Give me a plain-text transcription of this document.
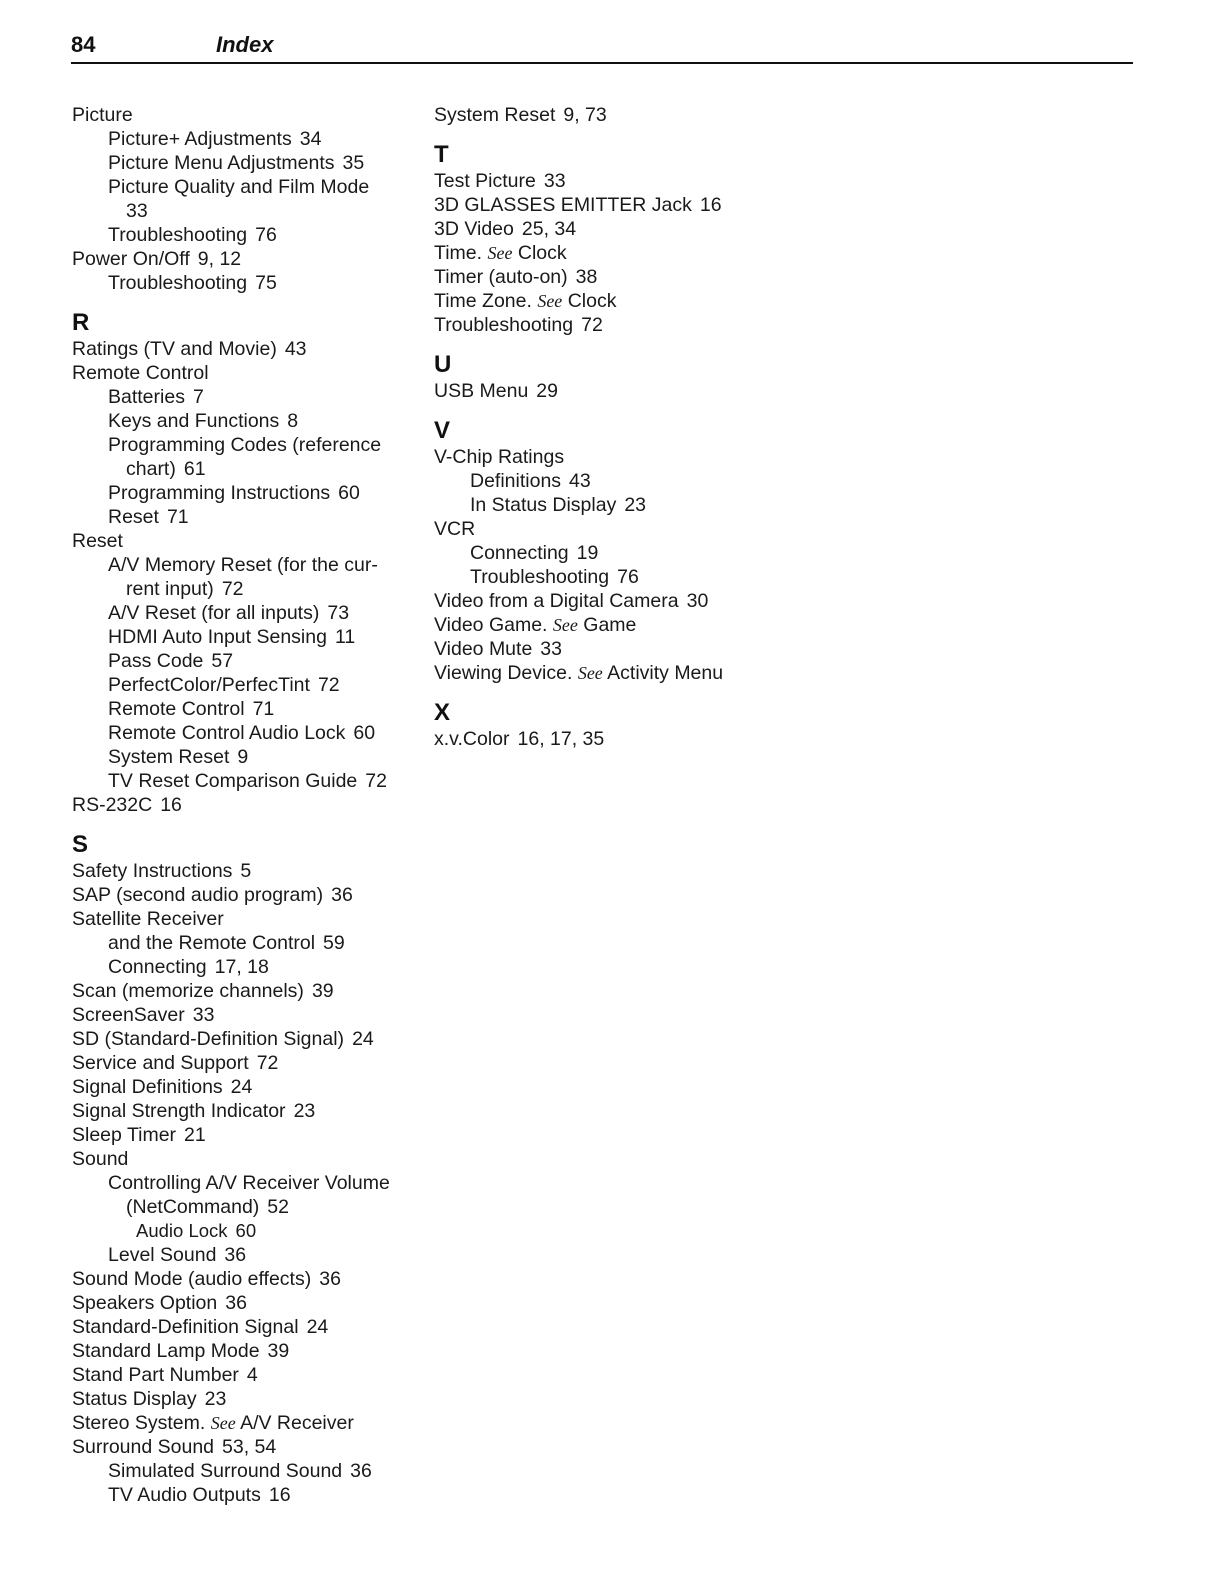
84	Index
Picture
Picture+ Adjustments 34
Picture Menu Adjustments 35
Picture Quality and Film Mode
33
Troubleshooting 76
Power On/Off 9, 12
Troubleshooting 75
R
Ratings (TV and Movie) 43
Remote Control
Batteries 7
Keys and Functions 8
Programming Codes (reference
chart) 61
Programming Instructions 60
Reset 71
Reset
A/V Memory Reset (for the cur-
rent input) 72
A/V Reset (for all inputs) 73
HDMI Auto Input Sensing 11
Pass Code 57
PerfectColor/PerfecTint 72
Remote Control 71
Remote Control Audio Lock 60
System Reset 9
TV Reset Comparison Guide 72
RS-232C 16
S
Safety Instructions 5
SAP (second audio program) 36
Satellite Receiver
and the Remote Control 59
Connecting 17, 18
Scan (memorize channels) 39
ScreenSaver 33
SD (Standard-Definition Signal) 24
Service and Support 72
Signal Definitions 24
Signal Strength Indicator 23
Sleep Timer 21
Sound
Controlling A/V Receiver Volume
(NetCommand) 52
Audio Lock 60
Level Sound 36
Sound Mode (audio effects) 36
Speakers Option 36
Standard-Definition Signal 24
Standard Lamp Mode 39
Stand Part Number 4
Status Display 23
Stereo System. See A/V Receiver
Surround Sound 53, 54
Simulated Surround Sound 36
TV Audio Outputs 16
System Reset 9, 73
T
Test Picture 33
3D GLASSES EMITTER Jack 16
3D Video 25, 34
Time. See Clock
Timer (auto-on) 38
Time Zone. See Clock
Troubleshooting 72
U
USB Menu 29
V
V-Chip Ratings
Definitions 43
In Status Display 23
VCR
Connecting 19
Troubleshooting 76
Video from a Digital Camera 30
Video Game. See Game
Video Mute 33
Viewing Device. See Activity Menu
X
x.v.Color 16, 17, 35
